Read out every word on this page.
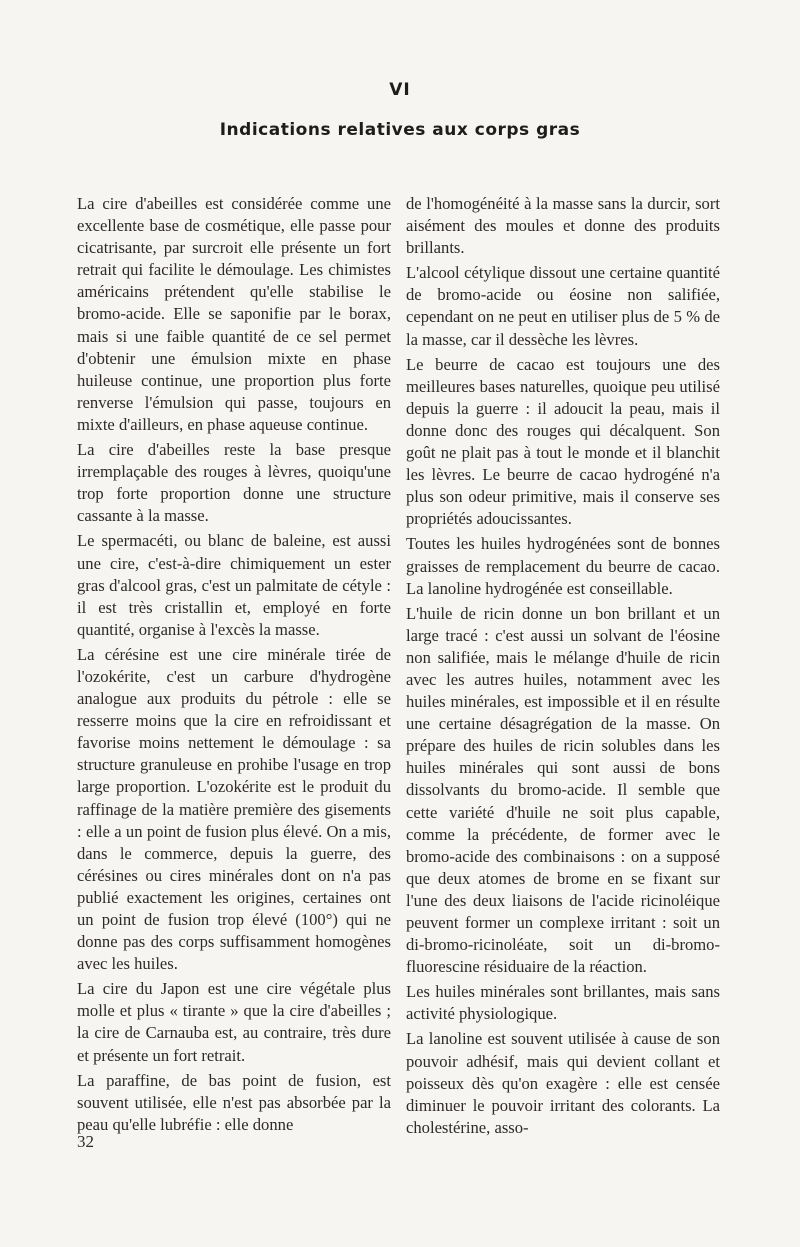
VI
Indications relatives aux corps gras

La cire d'abeilles est considérée comme une excellente base de cosmétique, elle passe pour cicatrisante, par surcroit elle présente un fort retrait qui facilite le démoulage. Les chimistes américains prétendent qu'elle stabilise le bromo-acide. Elle se saponifie par le borax, mais si une faible quantité de ce sel permet d'obtenir une émulsion mixte en phase huileuse continue, une proportion plus forte renverse l'émulsion qui passe, toujours en mixte d'ailleurs, en phase aqueuse continue.

La cire d'abeilles reste la base presque irremplaçable des rouges à lèvres, quoiqu'une trop forte proportion donne une structure cassante à la masse.

Le spermacéti, ou blanc de baleine, est aussi une cire, c'est-à-dire chimiquement un ester gras d'alcool gras, c'est un palmitate de cétyle : il est très cristallin et, employé en forte quantité, organise à l'excès la masse.

La cérésine est une cire minérale tirée de l'ozokérite, c'est un carbure d'hydrogène analogue aux produits du pétrole : elle se resserre moins que la cire en refroidissant et favorise moins nettement le démoulage : sa structure granuleuse en prohibe l'usage en trop large proportion. L'ozokérite est le produit du raffinage de la matière première des gisements : elle a un point de fusion plus élevé. On a mis, dans le commerce, depuis la guerre, des cérésines ou cires minérales dont on n'a pas publié exactement les origines, certaines ont un point de fusion trop élevé (100°) qui ne donne pas des corps suffisamment homogènes avec les huiles.

La cire du Japon est une cire végétale plus molle et plus « tirante » que la cire d'abeilles ; la cire de Carnauba est, au contraire, très dure et présente un fort retrait.

La paraffine, de bas point de fusion, est souvent utilisée, elle n'est pas absorbée par la peau qu'elle lubréfie : elle donne

de l'homogénéité à la masse sans la durcir, sort aisément des moules et donne des produits brillants.

L'alcool cétylique dissout une certaine quantité de bromo-acide ou éosine non salifiée, cependant on ne peut en utiliser plus de 5 % de la masse, car il dessèche les lèvres.

Le beurre de cacao est toujours une des meilleures bases naturelles, quoique peu utilisé depuis la guerre : il adoucit la peau, mais il donne donc des rouges qui décalquent. Son goût ne plait pas à tout le monde et il blanchit les lèvres. Le beurre de cacao hydrogéné n'a plus son odeur primitive, mais il conserve ses propriétés adoucissantes.

Toutes les huiles hydrogénées sont de bonnes graisses de remplacement du beurre de cacao. La lanoline hydrogénée est conseillable.

L'huile de ricin donne un bon brillant et un large tracé : c'est aussi un solvant de l'éosine non salifiée, mais le mélange d'huile de ricin avec les autres huiles, notamment avec les huiles minérales, est impossible et il en résulte une certaine désagrégation de la masse. On prépare des huiles de ricin solubles dans les huiles minérales qui sont aussi de bons dissolvants du bromo-acide. Il semble que cette variété d'huile ne soit plus capable, comme la précédente, de former avec le bromo-acide des combinaisons : on a supposé que deux atomes de brome en se fixant sur l'une des deux liaisons de l'acide ricinoléique peuvent former un complexe irritant : soit un di-bromo-ricinoléate, soit un di-bromo-fluorescine résiduaire de la réaction.

Les huiles minérales sont brillantes, mais sans activité physiologique.

La lanoline est souvent utilisée à cause de son pouvoir adhésif, mais qui devient collant et poisseux dès qu'on exagère : elle est censée diminuer le pouvoir irritant des colorants. La cholestérine, asso-

32
